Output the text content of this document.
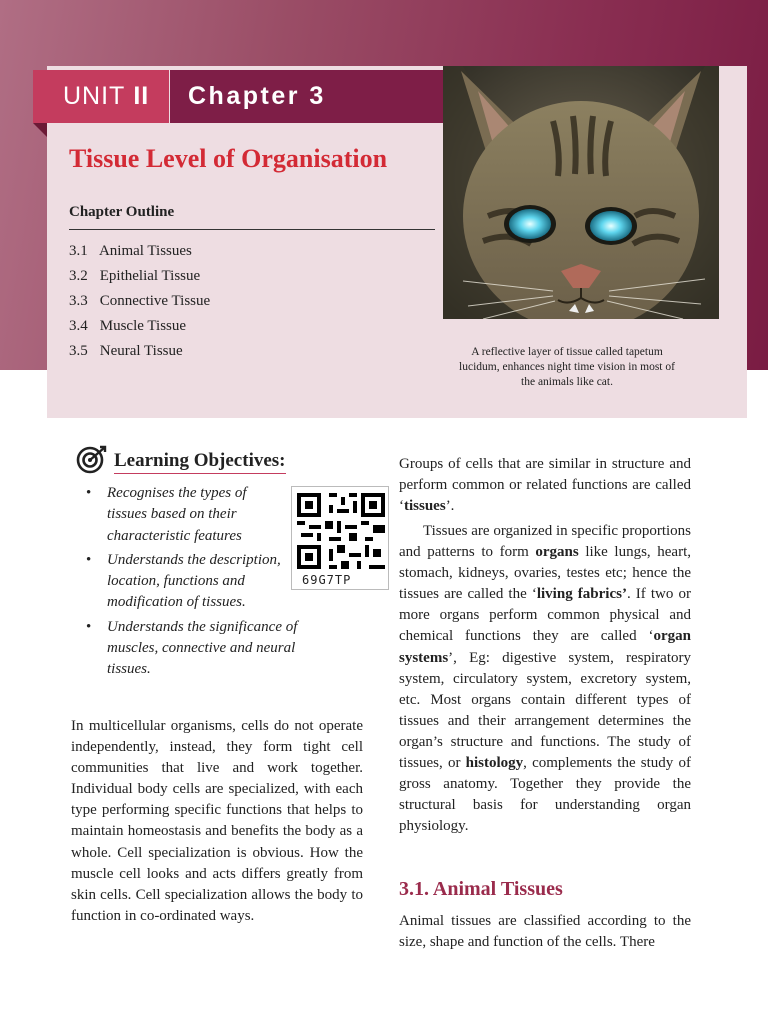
UNIT II Chapter 3
Tissue Level of Organisation
Chapter Outline
3.1 Animal Tissues
3.2 Epithelial Tissue
3.3 Connective Tissue
3.4 Muscle Tissue
3.5 Neural Tissue	A reflective layer of tissue called tapetum lucidum, enhances night time vision in most of the animals like cat.
Learning Objectives:
• Recognises the types of tissues based on their characteristic features
• Understands the description, location, functions and modification of tissues.
• Understands the significance of muscles, connective and neural tissues.
69G7TP
In multicellular organisms, cells do not operate independently, instead, they form tight cell communities that live and work together. Individual body cells are specialized, with each type performing specific functions that helps to maintain homeostasis and benefits the body as a whole. Cell specialization is obvious. How the muscle cell looks and acts differs greatly from skin cells. Cell specialization allows the body to function in co-ordinated ways.
Groups of cells that are similar in structure and perform common or related functions are called ‘tissues’.
Tissues are organized in specific proportions and patterns to form organs like lungs, heart, stomach, kidneys, ovaries, testes etc; hence the tissues are called the ‘living fabrics’. If two or more organs perform common physical and chemical functions they are called ‘organ systems’, Eg: digestive system, respiratory system, circulatory system, excretory system, etc. Most organs contain different types of tissues and their arrangement determines the organ’s structure and functions. The study of tissues, or histology, complements the study of gross anatomy. Together they provide the structural basis for understanding organ physiology.
3.1. Animal Tissues
Animal tissues are classified according to the size, shape and function of the cells. There
